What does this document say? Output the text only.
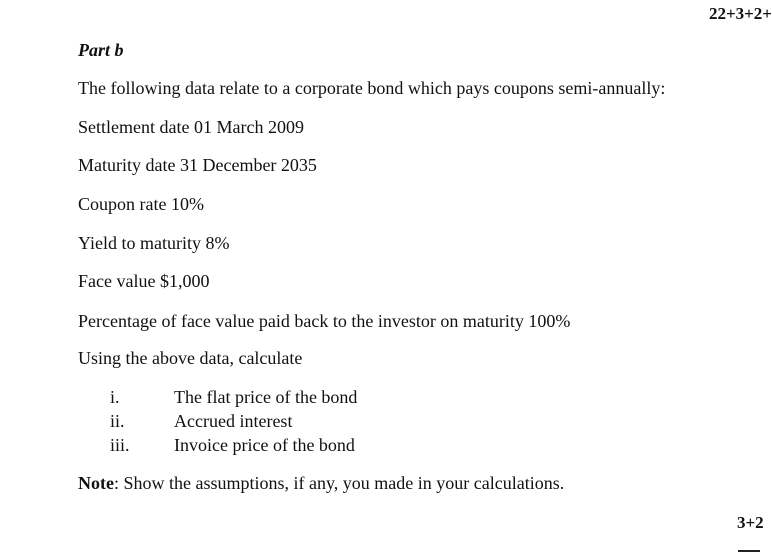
22+3+2+
Part b
The following data relate to a corporate bond which pays coupons semi-annually:
Settlement date 01 March 2009
Maturity date 31 December 2035
Coupon rate 10%
Yield to maturity 8%
Face value $1,000
Percentage of face value paid back to the investor on maturity 100%
Using the above data, calculate
i.	The flat price of the bond
ii.	Accrued interest
iii. Invoice price of the bond
Note: Show the assumptions, if any, you made in your calculations.
3+2
